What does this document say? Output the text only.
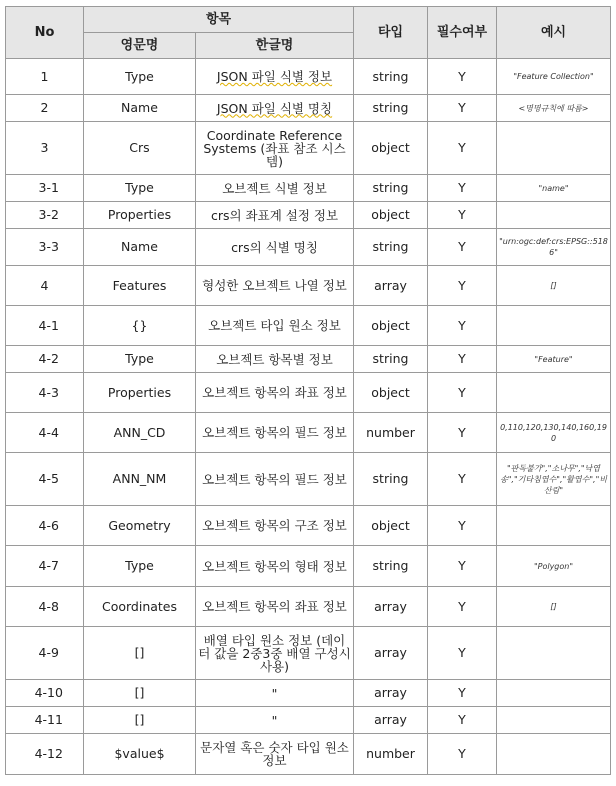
No		항목		타입	필수여부	예시
		영문명	한글명			
1		Type	JSON 파일 식별 정보	string	Y	"Feature Collection"
2		Name	JSON 파일 식별 명칭	string	Y	<명명규칙에 따름>
3		Crs	Coordinate Reference Systems (좌표 참조 시스템)	object	Y	
	3-1	Type	오브젝트 식별 정보	string	Y	"name"
	3-2	Properties	crs의 좌표계 설정 정보	object	Y	
	3-3	Name	crs의 식별 명칭	string	Y	"urn:ogc:def:crs:EPSG::5186"
4		Features	형성한 오브젝트 나열 정보	array	Y	[]
	4-1	{}	오브젝트 타입 원소 정보	object	Y	
	4-2	Type	오브젝트 항목별 정보	string	Y	"Feature"
	4-3	Properties	오브젝트 항목의 좌표 정보	object	Y	
	4-4	ANN_CD	오브젝트 항목의 필드 정보	number	Y	0,110,120,130,140,160,190
	4-5	ANN_NM	오브젝트 항목의 필드 정보	string	Y	"판독불가","소나무","낙엽송","기타침엽수","활엽수","비산림"
	4-6	Geometry	오브젝트 항목의 구조 정보	object	Y	
	4-7	Type	오브젝트 항목의 형태 정보	string	Y	"Polygon"
	4-8	Coordinates	오브젝트 항목의 좌표 정보	array	Y	[]
	4-9	[]	배열 타입 원소 정보 (데이터 값을 2중3중 배열 구성시 사용)	array	Y	
	4-10	[]	"	array	Y	
	4-11	[]	"	array	Y	
	4-12	$value$	문자열 혹은 숫자 타입 원소 정보	number	Y	
